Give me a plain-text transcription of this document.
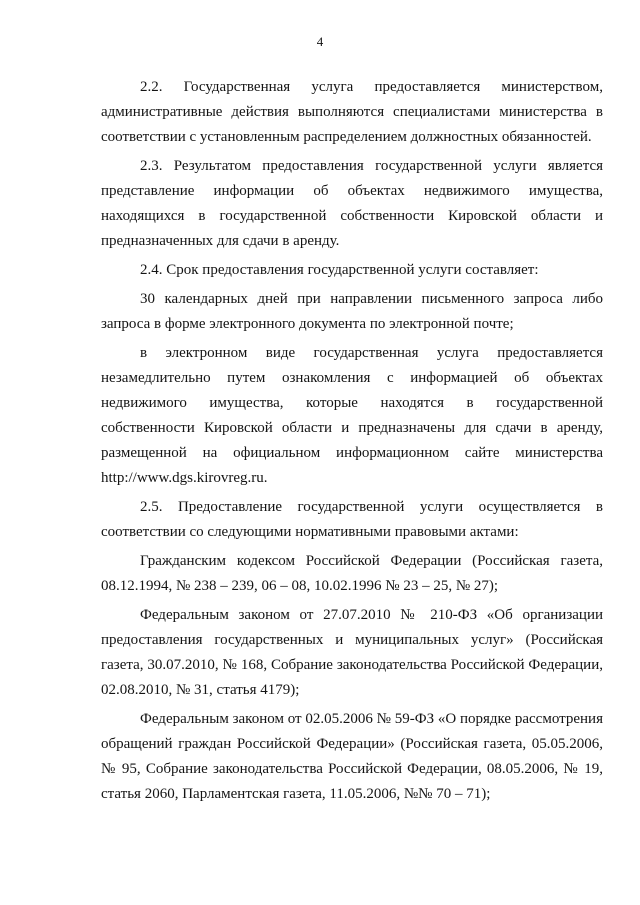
4

2.2. Государственная услуга предоставляется министерством, административные действия выполняются специалистами министерства в соответствии с установленным распределением должностных обязанностей.

2.3. Результатом предоставления государственной услуги является представление информации об объектах недвижимого имущества, находящихся в государственной собственности Кировской области и предназначенных для сдачи в аренду.

2.4. Срок предоставления государственной услуги составляет:

30 календарных дней при направлении письменного запроса либо запроса в форме электронного документа по электронной почте;

в электронном виде государственная услуга предоставляется незамедлительно путем ознакомления с информацией об объектах недвижимого имущества, которые находятся в государственной собственности Кировской области и предназначены для сдачи в аренду, размещенной на официальном информационном сайте министерства http://www.dgs.kirovreg.ru.

2.5. Предоставление государственной услуги осуществляется в соответствии со следующими нормативными правовыми актами:

Гражданским кодексом Российской Федерации (Российская газета, 08.12.1994, № 238 – 239, 06 – 08, 10.02.1996 № 23 – 25, № 27);

Федеральным законом от 27.07.2010 № 210-ФЗ «Об организации предоставления государственных и муниципальных услуг» (Российская газета, 30.07.2010, № 168, Собрание законодательства Российской Федерации, 02.08.2010, № 31, статья 4179);

Федеральным законом от 02.05.2006 № 59-ФЗ «О порядке рассмотрения обращений граждан Российской Федерации» (Российская газета, 05.05.2006, № 95, Собрание законодательства Российской Федерации, 08.05.2006, № 19, статья 2060, Парламентская газета, 11.05.2006, №№ 70 – 71);
